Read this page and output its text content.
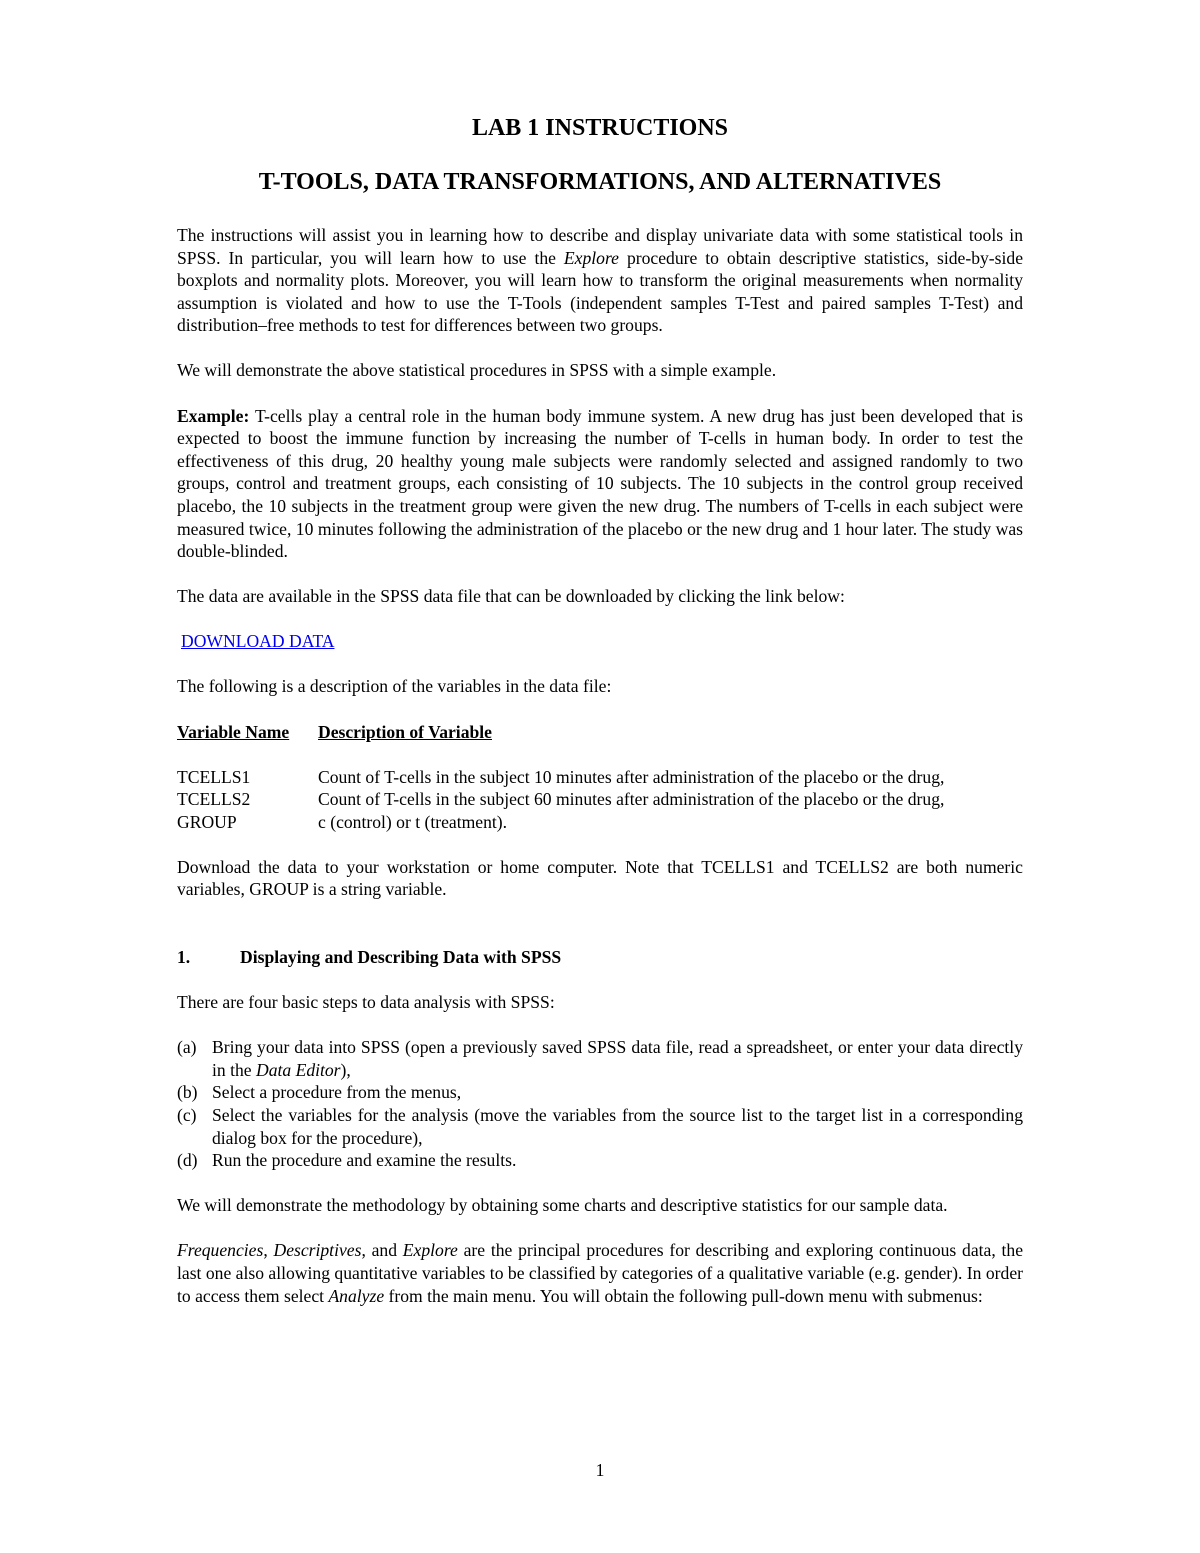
LAB 1 INSTRUCTIONS
T-TOOLS, DATA TRANSFORMATIONS, AND ALTERNATIVES

The instructions will assist you in learning how to describe and display univariate data with some statistical tools in SPSS. In particular, you will learn how to use the Explore procedure to obtain descriptive statistics, side-by-side boxplots and normality plots. Moreover, you will learn how to transform the original measurements when normality assumption is violated and how to use the T-Tools (independent samples T-Test and paired samples T-Test) and distribution–free methods to test for differences between two groups.

We will demonstrate the above statistical procedures in SPSS with a simple example.

Example: T-cells play a central role in the human body immune system. A new drug has just been developed that is expected to boost the immune function by increasing the number of T-cells in human body. In order to test the effectiveness of this drug, 20 healthy young male subjects were randomly selected and assigned randomly to two groups, control and treatment groups, each consisting of 10 subjects. The 10 subjects in the control group received placebo, the 10 subjects in the treatment group were given the new drug. The numbers of T-cells in each subject were measured twice, 10 minutes following the administration of the placebo or the new drug and 1 hour later. The study was double-blinded.

The data are available in the SPSS data file that can be downloaded by clicking the link below:

DOWNLOAD DATA

The following is a description of the variables in the data file:

Variable Name	Description of Variable
TCELLS1	Count of T-cells in the subject 10 minutes after administration of the placebo or the drug,
TCELLS2	Count of T-cells in the subject 60 minutes after administration of the placebo or the drug,
GROUP	c (control) or t (treatment).

Download the data to your workstation or home computer. Note that TCELLS1 and TCELLS2 are both numeric variables, GROUP is a string variable.

1.	Displaying and Describing Data with SPSS

There are four basic steps to data analysis with SPSS:

(a) Bring your data into SPSS (open a previously saved SPSS data file, read a spreadsheet, or enter your data directly in the Data Editor),
(b) Select a procedure from the menus,
(c) Select the variables for the analysis (move the variables from the source list to the target list in a corresponding dialog box for the procedure),
(d) Run the procedure and examine the results.

We will demonstrate the methodology by obtaining some charts and descriptive statistics for our sample data.

Frequencies, Descriptives, and Explore are the principal procedures for describing and exploring continuous data, the last one also allowing quantitative variables to be classified by categories of a qualitative variable (e.g. gender). In order to access them select Analyze from the main menu. You will obtain the following pull-down menu with submenus:

1
